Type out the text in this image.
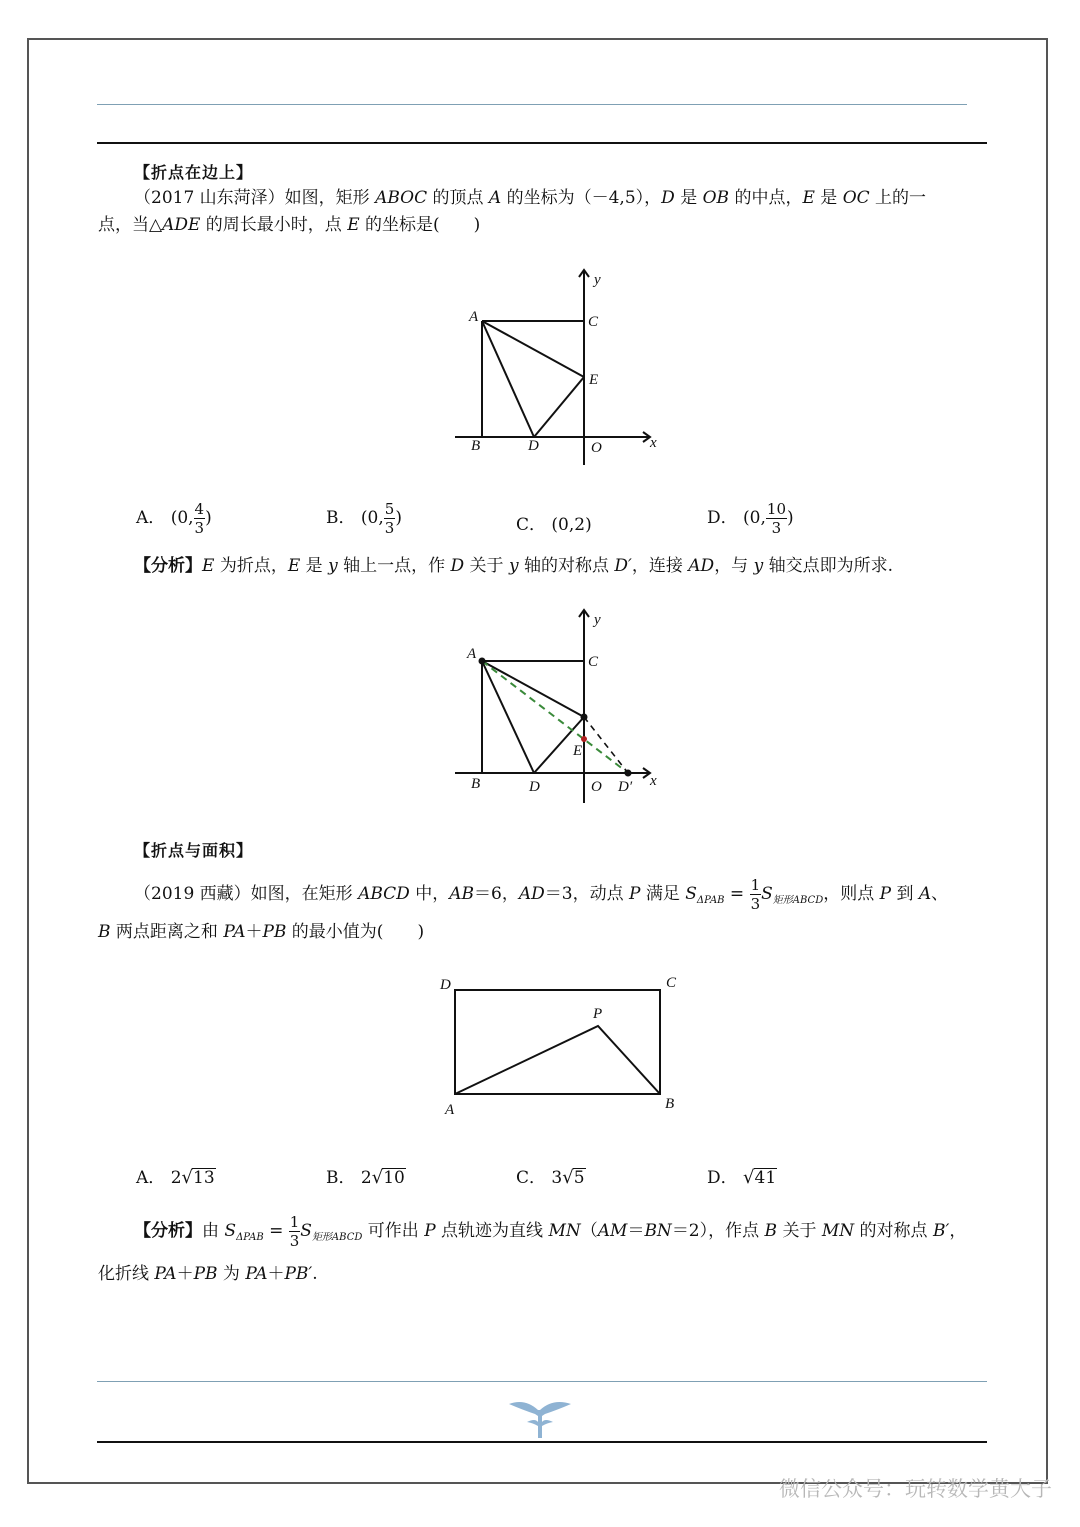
【折点在边上】
（2017 山东菏泽）如图，矩形 ABOC 的顶点 A 的坐标为（－4,5），D 是 OB 的中点，E 是 OC 上的一
点，当△ADE 的周长最小时，点 E 的坐标是(　　)
A	C
E
B	D	O	x
y
A． (0, $\frac{4}{3}$ )	B． (0, $\frac{5}{3}$ )	C． (0,2)	D． (0, $\frac{10}{3}$ )
【分析】E 为折点，E 是 y 轴上一点，作 D 关于 y 轴的对称点 D′，连接 AD，与 y 轴交点即为所求.
A	C
E
B	D	O D′ x
y
【折点与面积】
（2019 西藏）如图，在矩形 ABCD 中，AB＝6，AD＝3，动点 P 满足 $S_{\Delta PAB} = \frac{1}{3} S_{矩形ABCD}$，则点 P 到 A、
B 两点距离之和 PA＋PB 的最小值为(　　)
D	C
P
A	B
A． 2√13	B． 2√10	C． 3√5	D． √41
【分析】由 $S_{\Delta PAB} = \frac{1}{3} S_{矩形ABCD}$ 可作出 P 点轨迹为直线 MN（AM＝BN＝2），作点 B 关于 MN 的对称点 B′，
化折线 PA＋PB 为 PA＋PB′.
微信公众号：玩转数学黄大子
